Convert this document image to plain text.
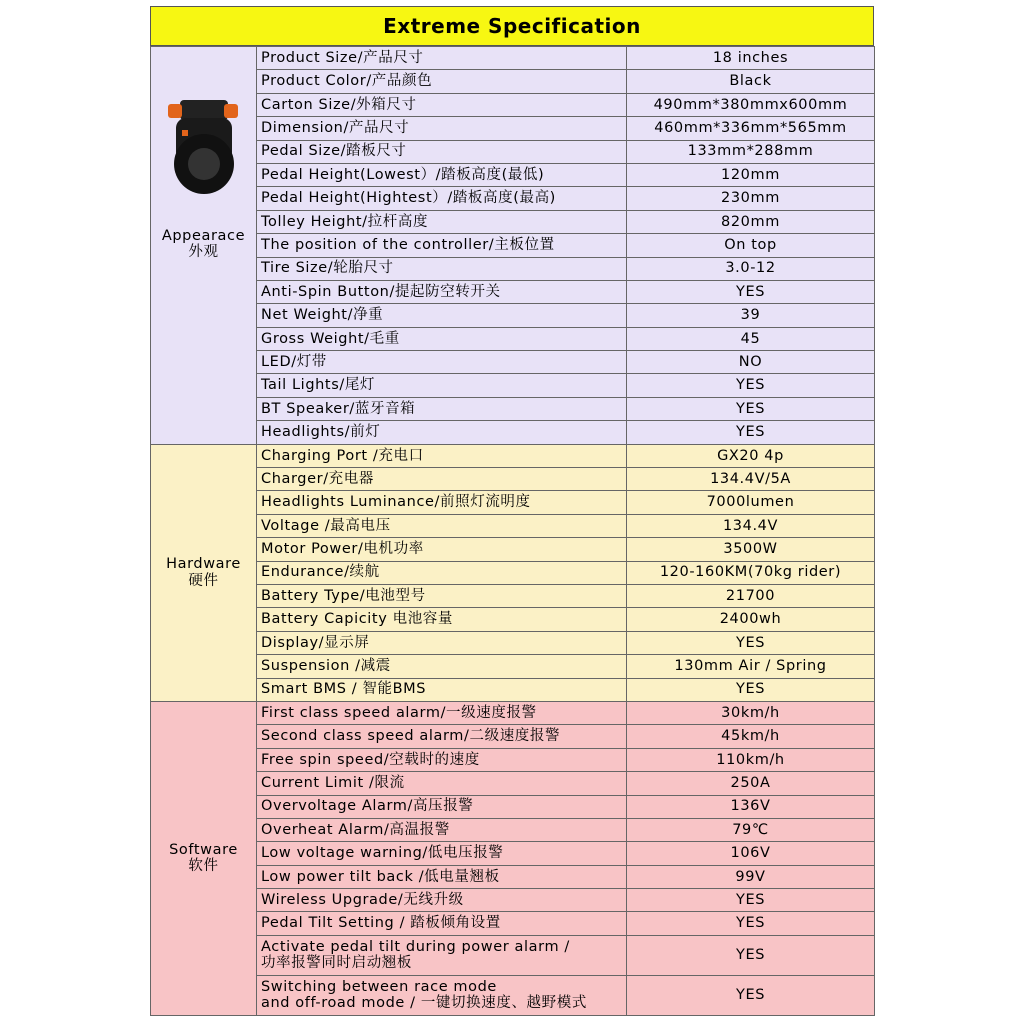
Extreme Specification
Appearace
外观	Product Size/产品尺寸	18 inches
	Product Color/产品颜色	Black
	Carton Size/外箱尺寸	490mm*380mmx600mm
	Dimension/产品尺寸	460mm*336mm*565mm
	Pedal Size/踏板尺寸	133mm*288mm
	Pedal Height(Lowest）/踏板高度(最低)	120mm
	Pedal Height(Hightest）/踏板高度(最高)	230mm
	Tolley Height/拉杆高度	820mm
	The position of the controller/主板位置	On top
	Tire Size/轮胎尺寸	3.0-12
	Anti-Spin Button/提起防空转开关	YES
	Net Weight/净重	39
	Gross Weight/毛重	45
	LED/灯带	NO
	Tail Lights/尾灯	YES
	BT Speaker/蓝牙音箱	YES
	Headlights/前灯	YES

Hardware
硬件	Charging Port /充电口	GX20 4p
	Charger/充电器	134.4V/5A
	Headlights Luminance/前照灯流明度	7000lumen
	Voltage /最高电压	134.4V
	Motor Power/电机功率	3500W
	Endurance/续航	120-160KM(70kg rider)
	Battery Type/电池型号	21700
	Battery Capicity 电池容量	2400wh
	Display/显示屏	YES
	Suspension /减震	130mm Air / Spring
	Smart BMS / 智能BMS	YES

Software
软件	First class speed alarm/一级速度报警	30km/h
	Second class speed alarm/二级速度报警	45km/h
	Free spin speed/空载时的速度	110km/h
	Current Limit /限流	250A
	Overvoltage Alarm/高压报警	136V
	Overheat Alarm/高温报警	79℃
	Low voltage warning/低电压报警	106V
	Low power tilt back /低电量翘板	99V
	Wireless Upgrade/无线升级	YES
	Pedal Tilt Setting / 踏板倾角设置	YES

	Activate pedal tilt during power alarm /
功率报警同时启动翘板	YES

	Switching between race mode
and off-road mode / 一键切换速度、越野模式	YES
